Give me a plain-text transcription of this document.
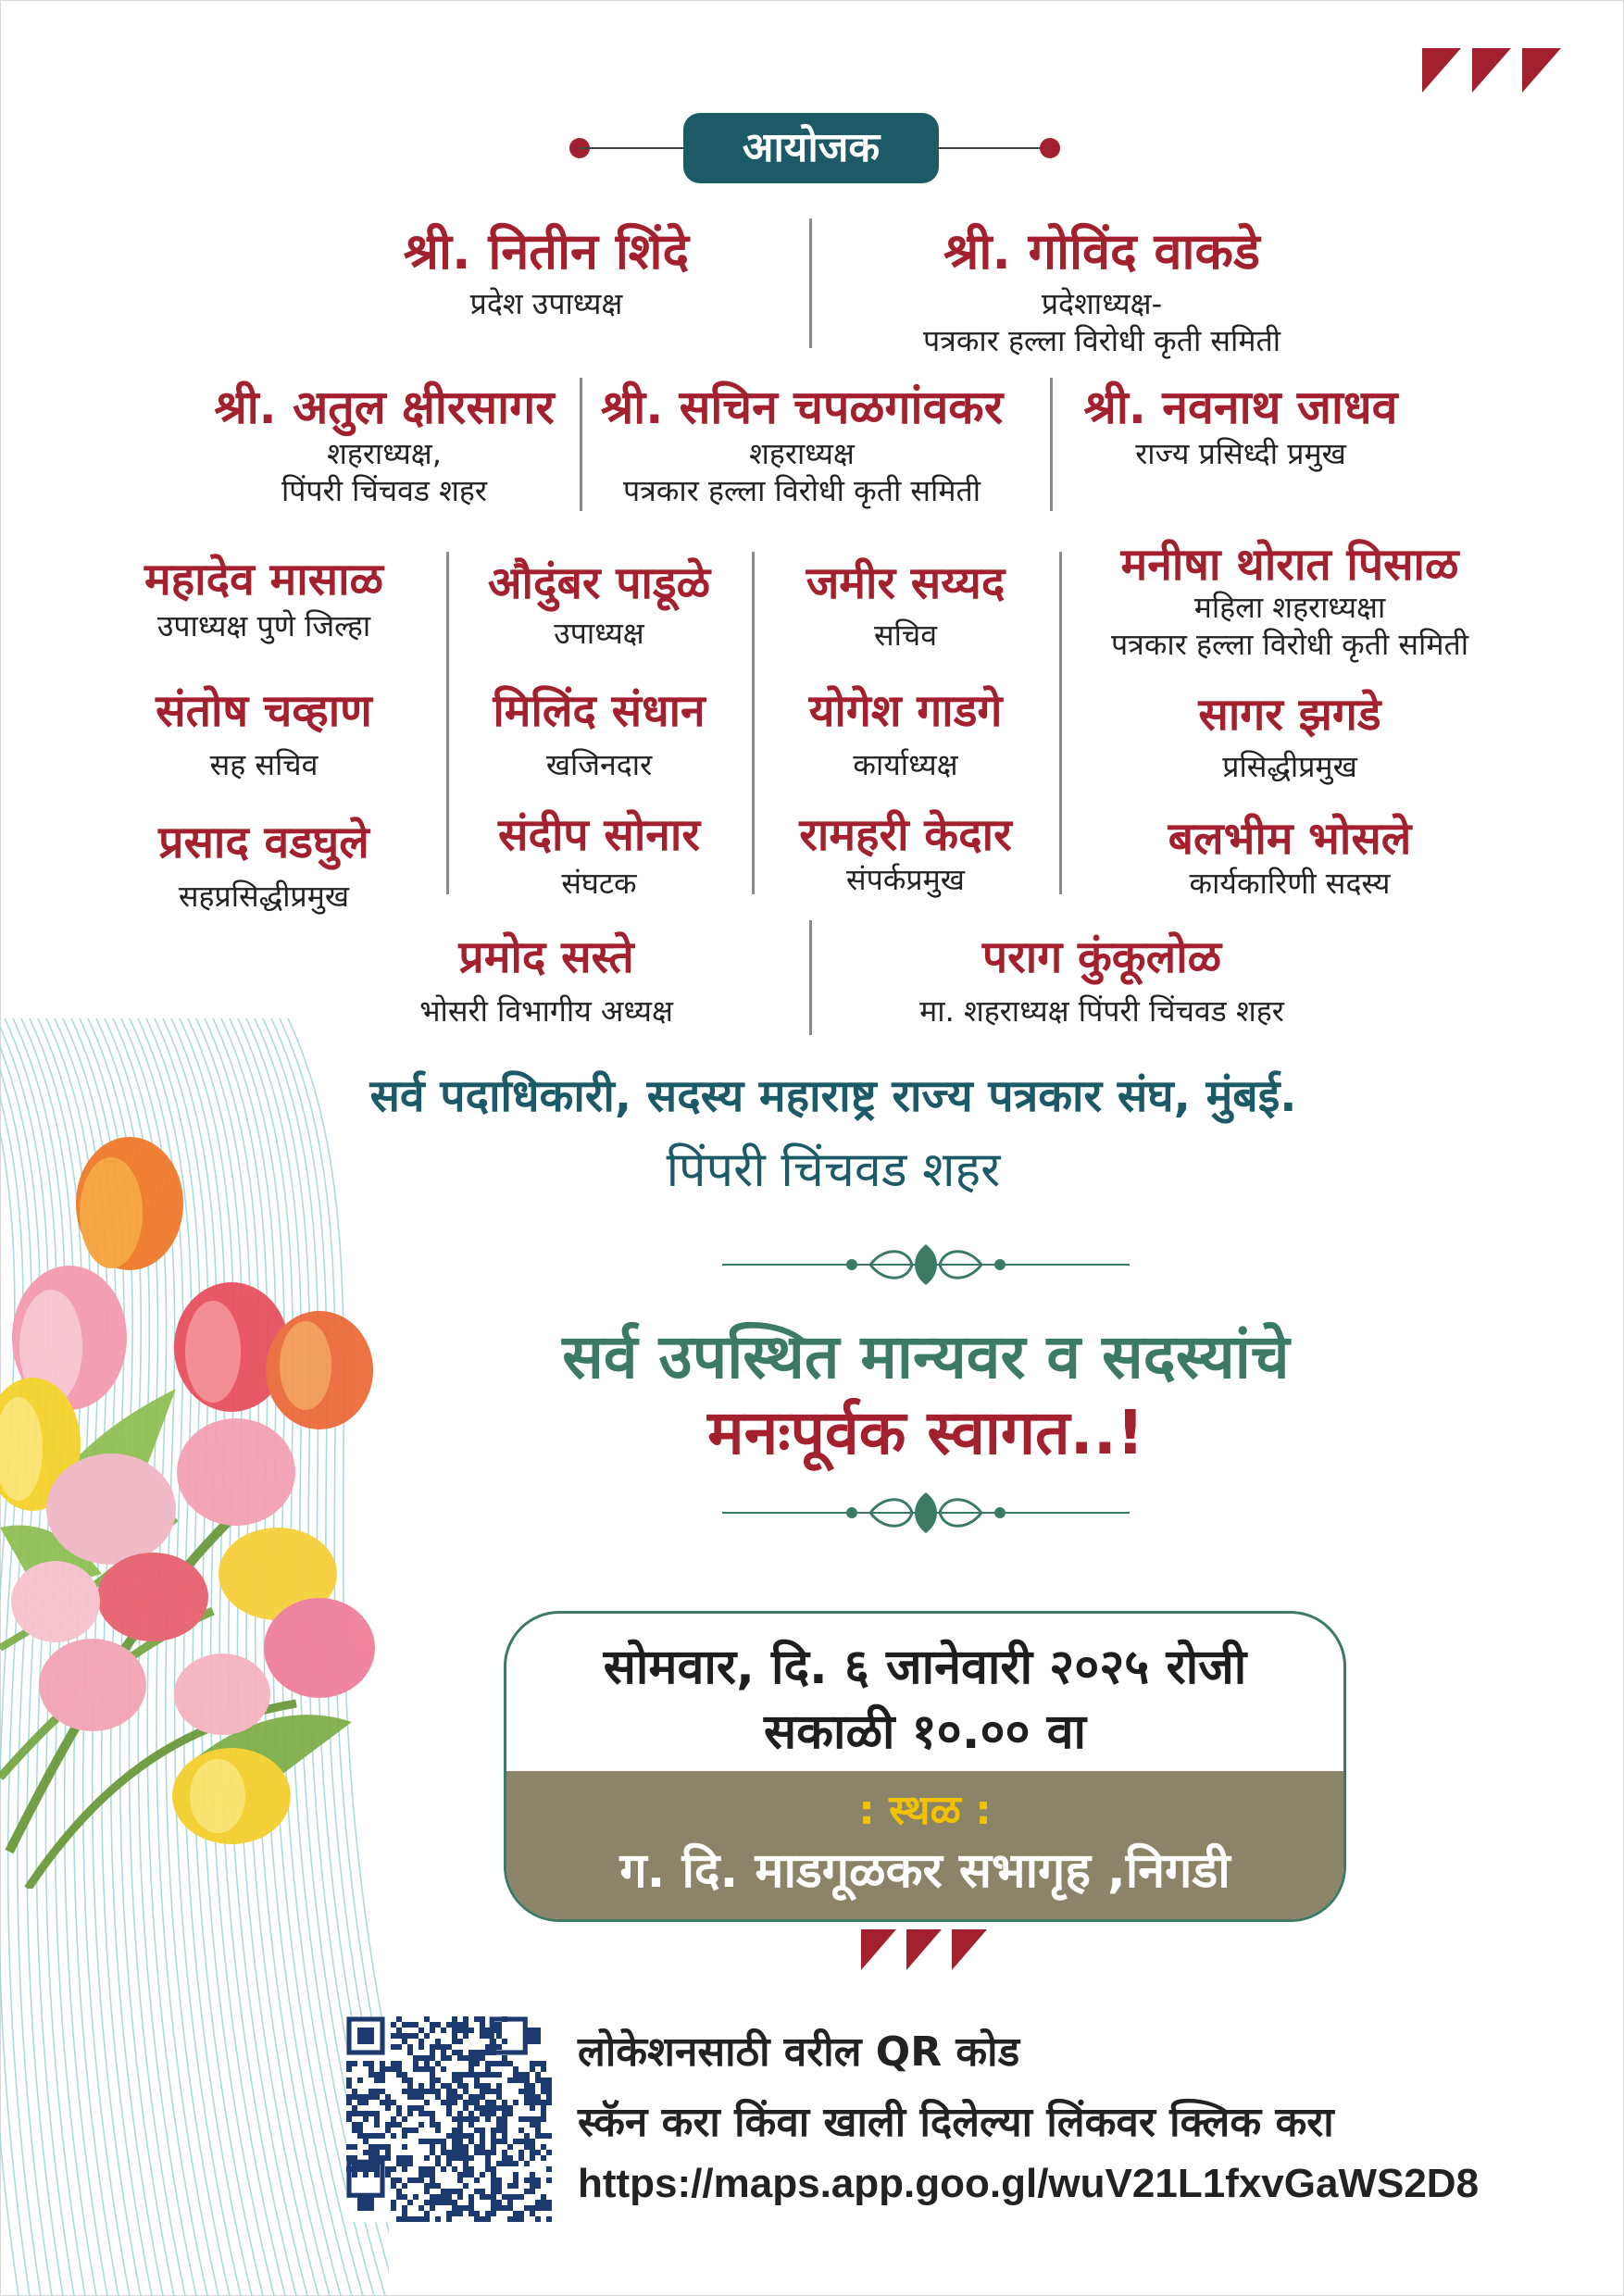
आयोजक
श्री. नितीन शिंदे
प्रदेश उपाध्यक्ष
श्री. गोविंद वाकडे
प्रदेशाध्यक्ष-
पत्रकार हल्ला विरोधी कृती समिती
श्री. अतुल क्षीरसागर
शहराध्यक्ष,
पिंपरी चिंचवड शहर
श्री. सचिन चपळगांवकर
शहराध्यक्ष
पत्रकार हल्ला विरोधी कृती समिती
श्री. नवनाथ जाधव
राज्य प्रसिध्दी प्रमुख
महादेव मासाळ
उपाध्यक्ष पुणे जिल्हा
औदुंबर पाडूळे
उपाध्यक्ष
जमीर सय्यद
सचिव
मनीषा थोरात पिसाळ
महिला शहराध्यक्षा
पत्रकार हल्ला विरोधी कृती समिती
संतोष चव्हाण
सह सचिव
मिलिंद संधान
खजिनदार
योगेश गाडगे
कार्याध्यक्ष
सागर झगडे
प्रसिद्धीप्रमुख
प्रसाद वडघुले
सहप्रसिद्धीप्रमुख
संदीप सोनार
संघटक
रामहरी केदार
संपर्कप्रमुख
बलभीम भोसले
कार्यकारिणी सदस्य
प्रमोद सस्ते
भोसरी विभागीय अध्यक्ष
पराग कुंकूलोळ
मा. शहराध्यक्ष पिंपरी चिंचवड शहर
सर्व पदाधिकारी, सदस्य महाराष्ट्र राज्य पत्रकार संघ, मुंबई.
पिंपरी चिंचवड शहर
सर्व उपस्थित मान्यवर व सदस्यांचे
मनःपूर्वक स्वागत..!
सोमवार, दि. ६ जानेवारी २०२५ रोजी
सकाळी १०.०० वा
: स्थळ :
ग. दि. माडगूळकर सभागृह ,निगडी
लोकेशनसाठी वरील QR कोड
स्कॅन करा किंवा खाली दिलेल्या लिंकवर क्लिक करा
https://maps.app.goo.gl/wuV21L1fxvGaWS2D8
